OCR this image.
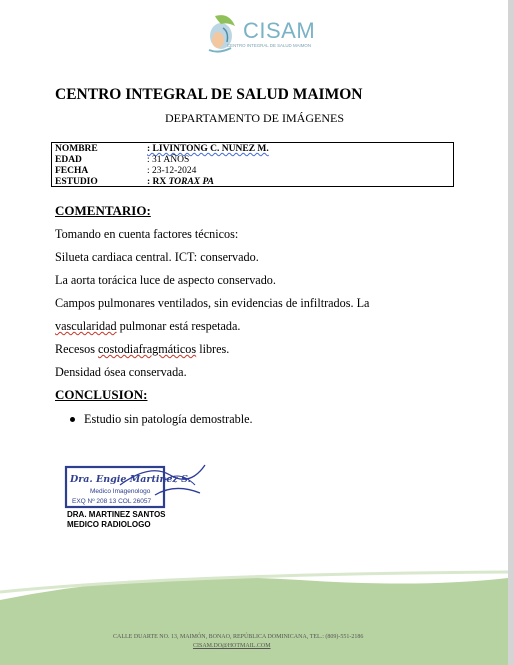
CISAM
CENTRO INTEGRAL DE SALUD MAIMON
CENTRO INTEGRAL DE SALUD MAIMON
DEPARTAMENTO DE IMÁGENES
NOMBRE	: LIVINTONG C. NUNEZ M.
EDAD	: 31 AÑOS
FECHA	: 23-12-2024
ESTUDIO	: RX TORAX PA
COMENTARIO:
Tomando en cuenta factores técnicos:
Silueta cardiaca central. ICT: conservado.
La aorta torácica luce de aspecto conservado.
Campos pulmonares ventilados, sin evidencias de infiltrados. La
vascularidad pulmonar está respetada.
Recesos costodiafragmáticos libres.
Densidad ósea conservada.
CONCLUSION:
Estudio sin patología demostrable.
Dra. Engie Martinez S.
Medico Imagenologo
EXQ Nº 208 13 COL 26057
DRA. MARTINEZ SANTOS
MEDICO RADIOLOGO
CALLE DUARTE NO. 13, MAIMÓN, BONAO, REPÚBLICA DOMINICANA, TEL.: (809)-551-2186
CISAM.DO@HOTMAIL.COM
